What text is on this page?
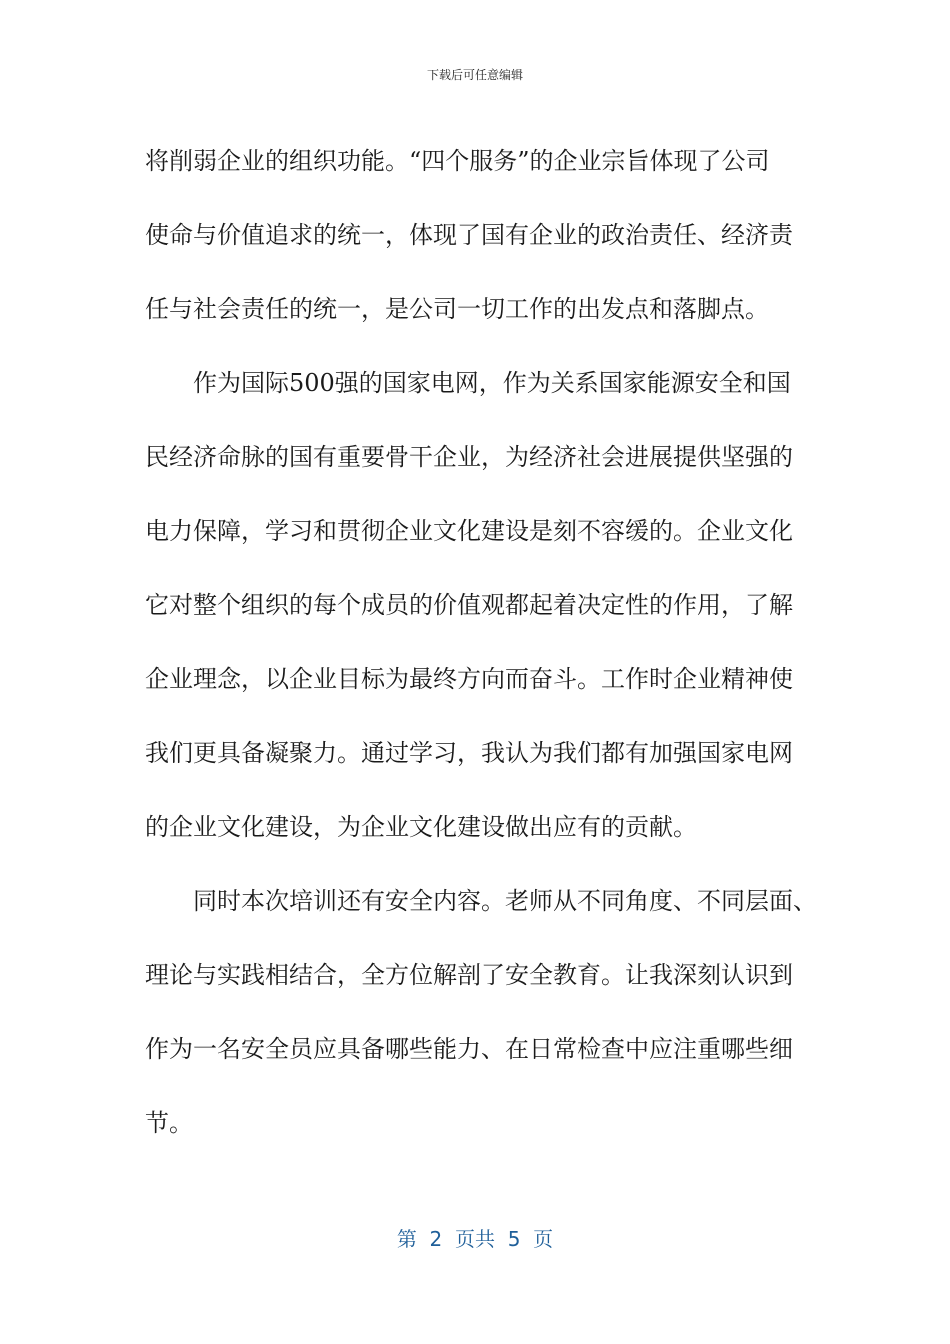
下载后可任意编辑
将削弱企业的组织功能。“四个服务”的企业宗旨体现了公司
使命与价值追求的统一，体现了国有企业的政治责任、经济责
任与社会责任的统一，是公司一切工作的出发点和落脚点。
作为国际500强的国家电网，作为关系国家能源安全和国
民经济命脉的国有重要骨干企业，为经济社会进展提供坚强的
电力保障，学习和贯彻企业文化建设是刻不容缓的。企业文化
它对整个组织的每个成员的价值观都起着决定性的作用，了解
企业理念，以企业目标为最终方向而奋斗。工作时企业精神使
我们更具备凝聚力。通过学习，我认为我们都有加强国家电网
的企业文化建设，为企业文化建设做出应有的贡献。
同时本次培训还有安全内容。老师从不同角度、不同层面、
理论与实践相结合，全方位解剖了安全教育。让我深刻认识到
作为一名安全员应具备哪些能力、在日常检查中应注重哪些细
节。
第  2  页共  5  页
